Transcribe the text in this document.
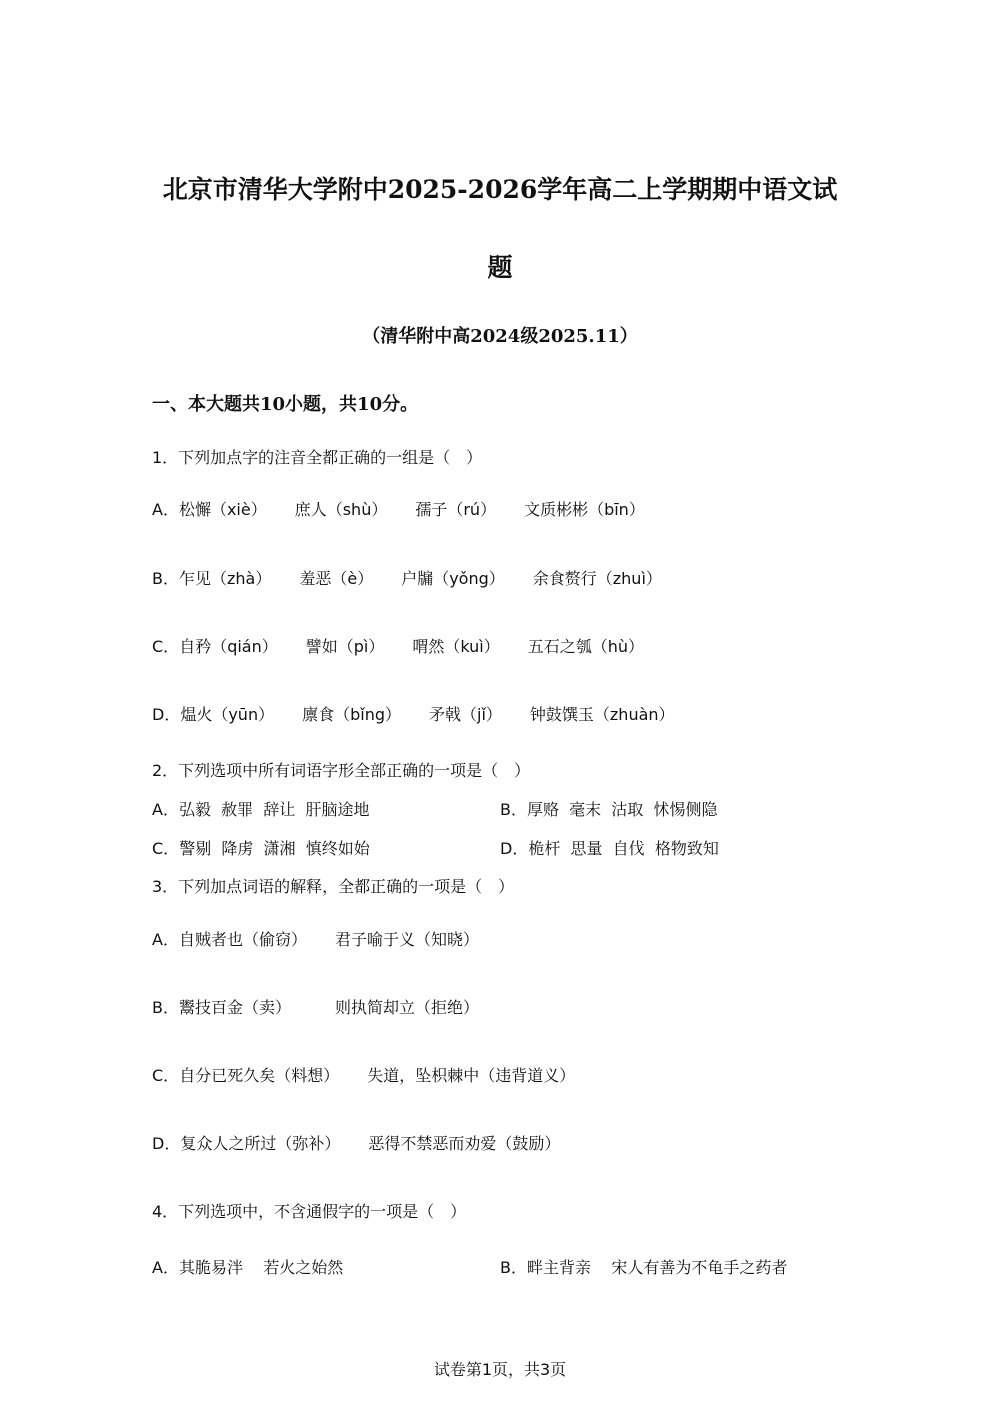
北京市清华大学附中2025-2026学年高二上学期期中语文试
题
（清华附中高2024级2025.11）
一、本大题共10小题，共10分。
1．下列加点字的注音全都正确的一组是（　）
A．松懈（xiè） 庶人（shù） 孺子（rú） 文质彬彬（bīn）
B．乍见（zhà） 羞恶（è） 户牖（yǒng） 余食赘行（zhuì）
C．自矜（qián） 譬如（pì） 喟然（kuì） 五石之瓠（hù）
D．煴火（yūn） 廪食（bǐng） 矛戟（jǐ） 钟鼓馔玉（zhuàn）
2．下列选项中所有词语字形全部正确的一项是（　）
A．弘毅  赦罪  辞让  肝脑途地	B．厚赂  毫末  沽取  怵惕侧隐
C．警剔  降虏  潇湘  慎终如始	D．桅杆  思量  自伐  格物致知
3．下列加点词语的解释，全都正确的一项是（　）
A．自贼者也（偷窃） 君子喻于义（知晓）
B．鬻技百金（卖）	则执简却立（拒绝）
C．自分已死久矣（料想） 失道，坠枳棘中（违背道义）
D．复众人之所过（弥补） 恶得不禁恶而劝爱（鼓励）
4．下列选项中，不含通假字的一项是（　）
A．其脆易泮    若火之始然	B．畔主背亲    宋人有善为不龟手之药者
试卷第1页，共3页
